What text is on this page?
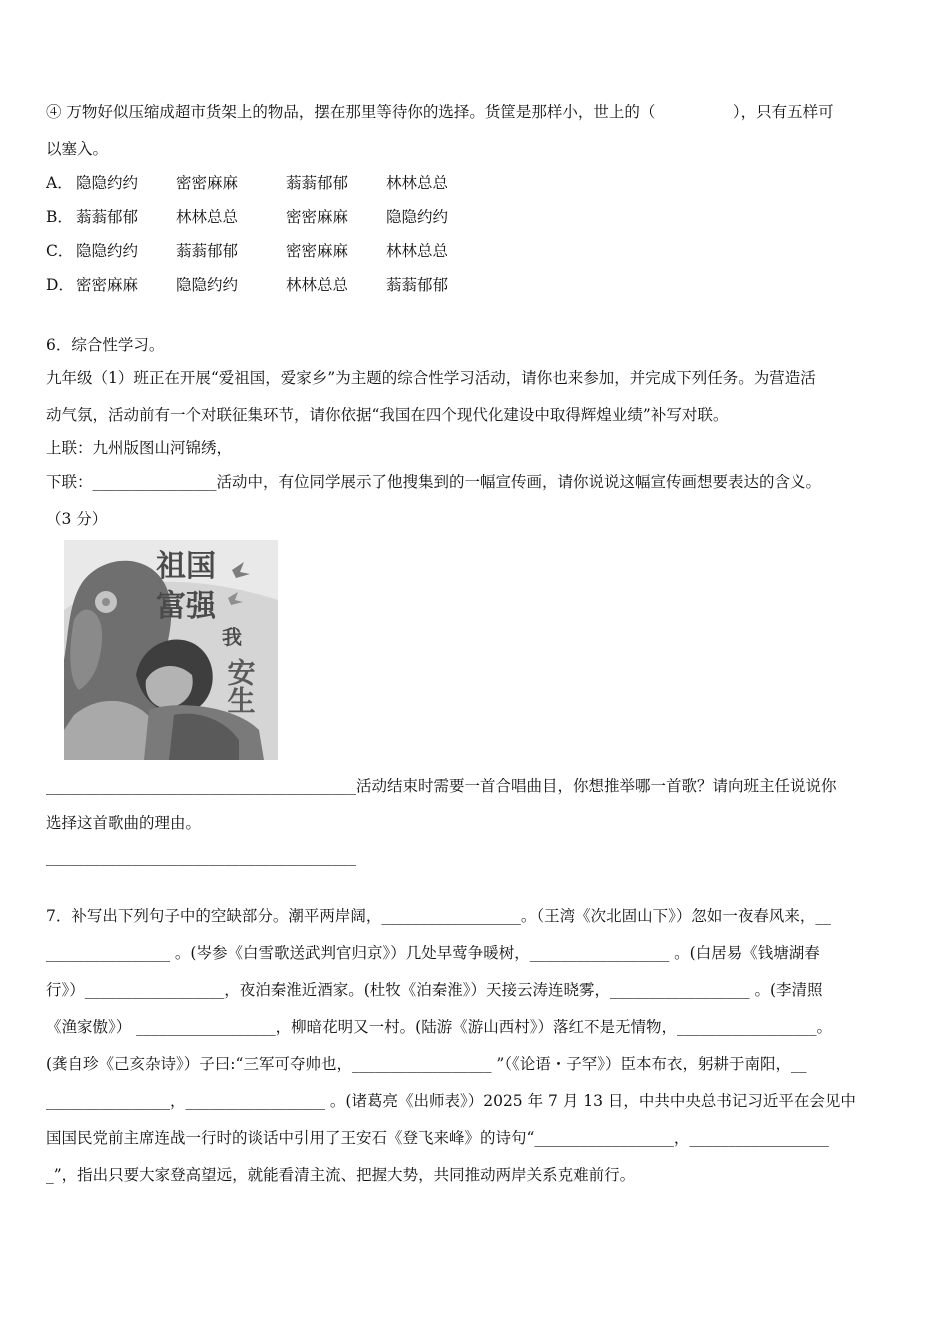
④ 万物好似压缩成超市货架上的物品，摆在那里等待你的选择。货筐是那样小，世上的（　　　　　），只有五样可
以塞入。
A． 隐隐约约 密密麻麻	蓊蓊郁郁 林林总总
B． 蓊蓊郁郁 林林总总	密密麻麻 隐隐约约
C． 隐隐约约 蓊蓊郁郁	密密麻麻 林林总总
D． 密密麻麻 隐隐约约	林林总总 蓊蓊郁郁
6．综合性学习。
九年级（1）班正在开展“爱祖国，爱家乡”为主题的综合性学习活动，请你也来参加，并完成下列任务。为营造活
动气氛，活动前有一个对联征集环节，请你依据“我国在四个现代化建设中取得辉煌业绩”补写对联。
上联：九州版图山河锦绣，
下联：________________活动中，有位同学展示了他搜集到的一幅宣传画，请你说说这幅宣传画想要表达的含义。
（3 分）
祖国
富强
我
安生
________________________________________活动结束时需要一首合唱曲目，你想推举哪一首歌？请向班主任说说你
选择这首歌曲的理由。
________________________________________
7．补写出下列句子中的空缺部分。潮平两岸阔，__________________。（王湾《次北固山下》）忽如一夜春风来，__
________________ 。(岑参《白雪歌送武判官归京》）几处早莺争暖树，__________________ 。(白居易《钱塘湖春
行》）__________________，夜泊秦淮近酒家。(杜牧《泊秦淮》）天接云涛连晓雾，__________________ 。(李清照
《渔家傲》） __________________，柳暗花明又一村。(陆游《游山西村》）落红不是无情物，__________________。
(龚自珍《己亥杂诗》）子曰:“三军可夺帅也，__________________ ”（《论语・子罕》）臣本布衣，躬耕于南阳，__
________________，__________________ 。(诸葛亮《出师表》）2025 年 7 月 13 日，中共中央总书记习近平在会见中
国国民党前主席连战一行时的谈话中引用了王安石《登飞来峰》的诗句“__________________，__________________
_”，指出只要大家登高望远，就能看清主流、把握大势，共同推动两岸关系克难前行。
